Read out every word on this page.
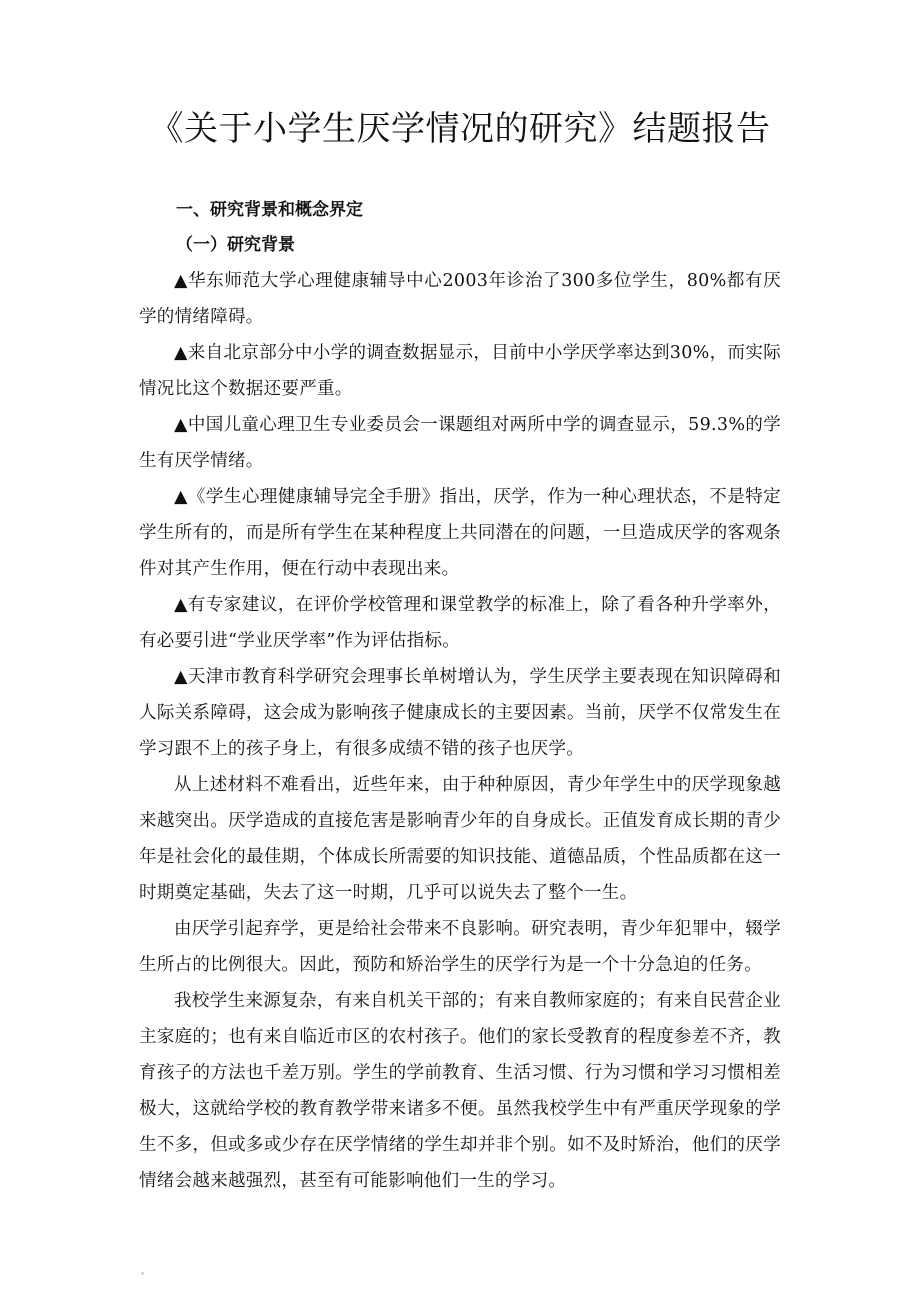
《关于小学生厌学情况的研究》结题报告
一、研究背景和概念界定
（一）研究背景

▲华东师范大学心理健康辅导中心2003年诊治了300多位学生，80%都有厌学的情绪障碍。

▲来自北京部分中小学的调查数据显示，目前中小学厌学率达到30%，而实际情况比这个数据还要严重。

▲中国儿童心理卫生专业委员会一课题组对两所中学的调查显示，59.3%的学生有厌学情绪。

▲《学生心理健康辅导完全手册》指出，厌学，作为一种心理状态，不是特定学生所有的，而是所有学生在某种程度上共同潜在的问题，一旦造成厌学的客观条件对其产生作用，便在行动中表现出来。

▲有专家建议，在评价学校管理和课堂教学的标准上，除了看各种升学率外，有必要引进“学业厌学率”作为评估指标。

▲天津市教育科学研究会理事长单树增认为，学生厌学主要表现在知识障碍和人际关系障碍，这会成为影响孩子健康成长的主要因素。当前，厌学不仅常发生在学习跟不上的孩子身上，有很多成绩不错的孩子也厌学。

从上述材料不难看出，近些年来，由于种种原因，青少年学生中的厌学现象越来越突出。厌学造成的直接危害是影响青少年的自身成长。正值发育成长期的青少年是社会化的最佳期，个体成长所需要的知识技能、道德品质，个性品质都在这一时期奠定基础，失去了这一时期，几乎可以说失去了整个一生。

由厌学引起弃学，更是给社会带来不良影响。研究表明，青少年犯罪中，辍学生所占的比例很大。因此，预防和矫治学生的厌学行为是一个十分急迫的任务。

我校学生来源复杂，有来自机关干部的；有来自教师家庭的；有来自民营企业主家庭的；也有来自临近市区的农村孩子。他们的家长受教育的程度参差不齐，教育孩子的方法也千差万别。学生的学前教育、生活习惯、行为习惯和学习习惯相差极大，这就给学校的教育教学带来诸多不便。虽然我校学生中有严重厌学现象的学生不多，但或多或少存在厌学情绪的学生却并非个别。如不及时矫治，他们的厌学情绪会越来越强烈，甚至有可能影响他们一生的学习。
